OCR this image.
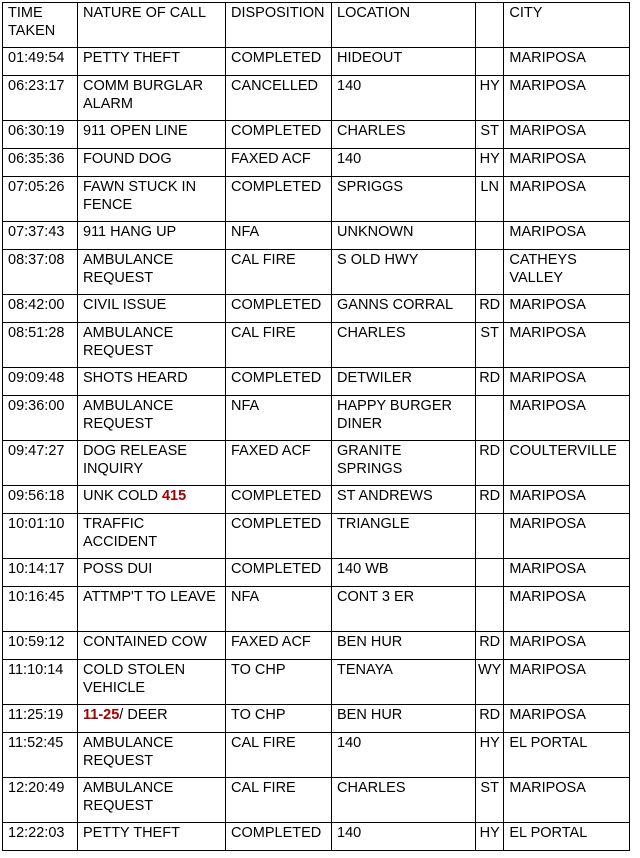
TIME TAKEN	NATURE OF CALL	DISPOSITION	LOCATION		CITY
01:49:54	PETTY THEFT	COMPLETED	HIDEOUT		MARIPOSA
06:23:17	COMM BURGLAR ALARM	CANCELLED	140	HY	MARIPOSA
06:30:19	911 OPEN LINE	COMPLETED	CHARLES	ST	MARIPOSA
06:35:36	FOUND DOG	FAXED ACF	140	HY	MARIPOSA
07:05:26	FAWN STUCK IN FENCE	COMPLETED	SPRIGGS	LN	MARIPOSA
07:37:43	911 HANG UP	NFA	UNKNOWN		MARIPOSA
08:37:08	AMBULANCE REQUEST	CAL FIRE	S OLD HWY		CATHEYS VALLEY
08:42:00	CIVIL ISSUE	COMPLETED	GANNS CORRAL	RD	MARIPOSA
08:51:28	AMBULANCE REQUEST	CAL FIRE	CHARLES	ST	MARIPOSA
09:09:48	SHOTS HEARD	COMPLETED	DETWILER	RD	MARIPOSA
09:36:00	AMBULANCE REQUEST	NFA	HAPPY BURGER DINER		MARIPOSA
09:47:27	DOG RELEASE INQUIRY	FAXED ACF	GRANITE SPRINGS	RD	COULTERVILLE
09:56:18	UNK COLD 415	COMPLETED	ST ANDREWS	RD	MARIPOSA
10:01:10	TRAFFIC ACCIDENT	COMPLETED	TRIANGLE		MARIPOSA
10:14:17	POSS DUI	COMPLETED	140 WB		MARIPOSA
10:16:45	ATTMP'T TO LEAVE	NFA	CONT 3 ER		MARIPOSA
10:59:12	CONTAINED COW	FAXED ACF	BEN HUR	RD	MARIPOSA
11:10:14	COLD STOLEN VEHICLE	TO CHP	TENAYA	WY	MARIPOSA
11:25:19	11-25/ DEER	TO CHP	BEN HUR	RD	MARIPOSA
11:52:45	AMBULANCE REQUEST	CAL FIRE	140	HY	EL PORTAL
12:20:49	AMBULANCE REQUEST	CAL FIRE	CHARLES	ST	MARIPOSA
12:22:03	PETTY THEFT	COMPLETED	140	HY	EL PORTAL
